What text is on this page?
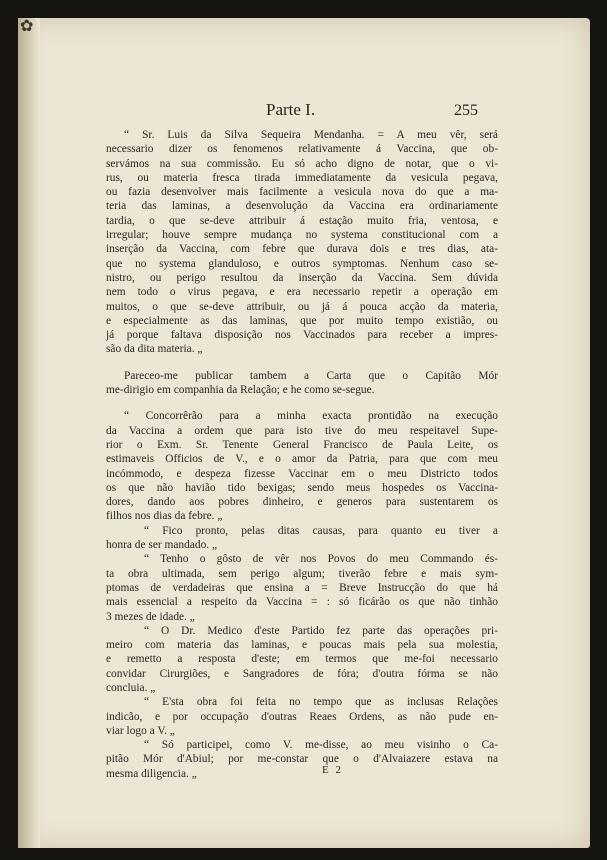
✿
Parte I.	255
“ Sr. Luis da Silva Sequeira Mendanha. = A meu vêr, será
necessario dizer os fenomenos relativamente á Vaccina, que ob-
servámos na sua commissão. Eu só acho digno de notar, que o vi-
rus, ou materia fresca tirada immediatamente da vesicula pegava,
ou fazia desenvolver mais facilmente a vesicula nova do que a ma-
teria das laminas, a desenvolução da Vaccina era ordinariamente
tardia, o que se-deve attribuir á estação muito fria, ventosa, e
irregular; houve sempre mudança no systema constitucional com a
inserção da Vaccina, com febre que durava dois e tres dias, ata-
que no systema glanduloso, e outros symptomas. Nenhum caso se-
nistro, ou perigo resultou da inserção da Vaccina. Sem dúvida
nem todo o virus pegava, e era necessario repetir a operação em
muitos, o que se-deve attribuir, ou já á pouca acção da materia,
e especialmente as das laminas, que por muito tempo existião, ou
já porque faltava disposição nos Vaccinados para receber a impres-
são da dita materia. „
Pareceo-me publicar tambem a Carta que o Capitão Mór
me-dirigio em companhia da Relação; e he como se-segue.
“ Concorrêrão para a minha exacta prontidão na execução
da Vaccina a ordem que para isto tive do meu respeitavel Supe-
rior o Exm. Sr. Tenente General Francisco de Paula Leite, os
estimaveis Officios de V., e o amor da Patria, para que com meu
incómmodo, e despeza fizesse Vaccinar em o meu Districto todos
os que não havião tido bexigas; sendo meus hospedes os Vaccina-
dores, dando aos pobres dinheiro, e generos para sustentarem os
filhos nos dias da febre. „
“ Fico pronto, pelas ditas causas, para quanto eu tiver a
honra de ser mandado. „
“ Tenho o gôsto de vêr nos Povos do meu Commando és-
ta obra ultimada, sem perigo algum; tiverão febre e mais sym-
ptomas de verdadeiras que ensina a = Breve Instrucção do que há
mais essencial a respeito da Vaccina = : só ficárão os que não tinhão
3 mezes de idade. „
“ O Dr. Medico d'este Partido fez parte das operações pri-
meiro com materia das laminas, e poucas mais pela sua molestia,
e remetto a resposta d'este; em termos que me-foi necessario
convidar Cirurgiões, e Sangradores de fóra; d'outra fórma se não
concluia. „
“ E'sta obra foi feita no tempo que as inclusas Relações
indicão, e por occupação d'outras Reaes Ordens, as não pude en-
viar logo a V. „
“ Só participei, como V. me-disse, ao meu visinho o Ca-
pitão Mór d'Abiul; por me-constar que o d'Alvaiazere estava na
mesma diligencia. „	E 2
